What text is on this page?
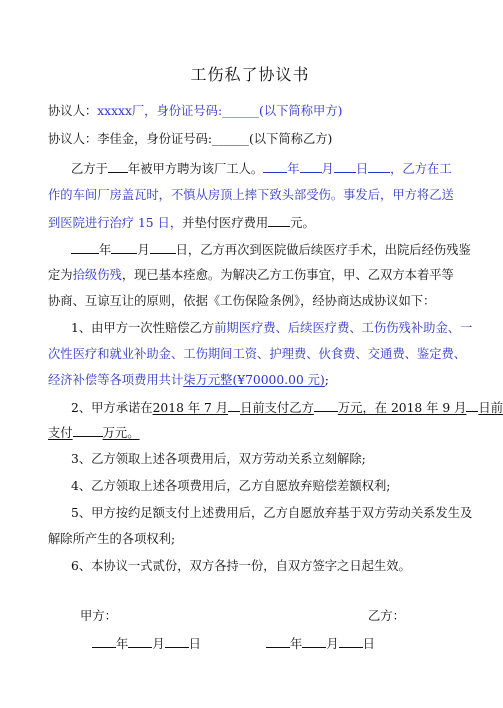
工伤私了协议书
协议人：xxxxx厂，身份证号码:______(以下简称甲方)
协议人：李佳金，身份证号码:______(以下简称乙方)
乙方于 年被甲方聘为该厂工人。 年 月 日 ，乙方在工
作的车间厂房盖瓦时，不慎从房顶上摔下致头部受伤。事发后，甲方将乙送
到医院进行治疗 15 日，并垫付医疗费用 元。
年 月 日，乙方再次到医院做后续医疗手术，出院后经伤残鉴
定为拾级伤残，现已基本痊愈。为解决乙方工伤事宜，甲、乙双方本着平等
协商、互谅互让的原则，依据《工伤保险条例》，经协商达成协议如下：
1、由甲方一次性赔偿乙方前期医疗费、后续医疗费、工伤伤残补助金、一
次性医疗和就业补助金、工伤期间工资、护理费、伙食费、交通费、鉴定费、
经济补偿等各项费用共计柒万元整(¥70000.00 元);
2、甲方承诺在2018 年 7 月 日前支付乙方 万元，在 2018 年 9 月 日前
支付 万元。
3、乙方领取上述各项费用后，双方劳动关系立刻解除;
4、乙方领取上述各项费用后，乙方自愿放弃赔偿差额权利;
5、甲方按约足额支付上述费用后，乙方自愿放弃基于双方劳动关系发生及
解除所产生的各项权利;
6、本协议一式贰份，双方各持一份，自双方签字之日起生效。
甲方：	乙方：
年 月 日	年 月 日
